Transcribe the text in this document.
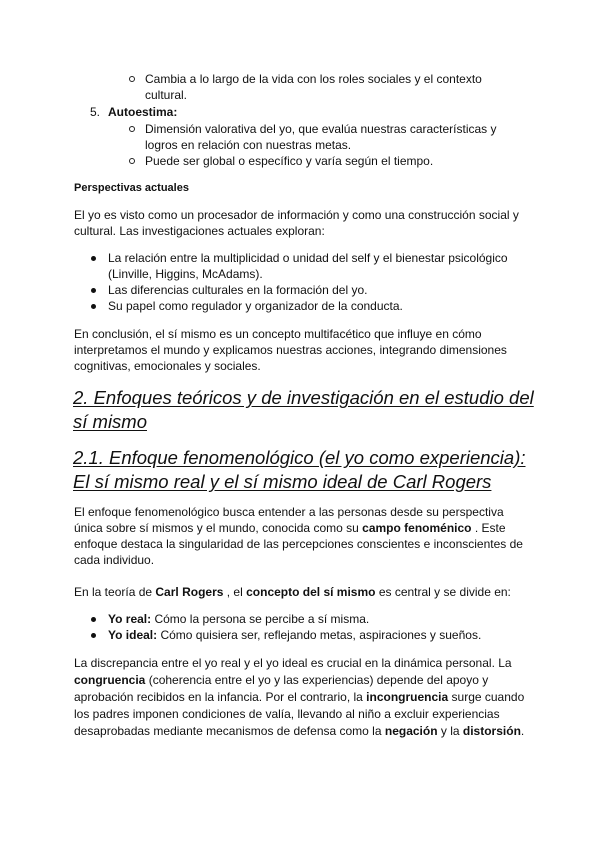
Cambia a lo largo de la vida con los roles sociales y el contexto
cultural.
5. Autoestima:
Dimensión valorativa del yo, que evalúa nuestras características y
logros en relación con nuestras metas.
Puede ser global o específico y varía según el tiempo.
Perspectivas actuales
El yo es visto como un procesador de información y como una construcción social y
cultural. Las investigaciones actuales exploran:
La relación entre la multiplicidad o unidad del self y el bienestar psicológico
(Linville, Higgins, McAdams).
Las diferencias culturales en la formación del yo.
Su papel como regulador y organizador de la conducta.
En conclusión, el sí mismo es un concepto multifacético que influye en cómo
interpretamos el mundo y explicamos nuestras acciones, integrando dimensiones
cognitivas, emocionales y sociales.
2. Enfoques teóricos y de investigación en el estudio del
sí mismo
2.1. Enfoque fenomenológico (el yo como experiencia):
El sí mismo real y el sí mismo ideal de Carl Rogers
El enfoque fenomenológico busca entender a las personas desde su perspectiva
única sobre sí mismos y el mundo, conocida como su campo fenoménico . Este
enfoque destaca la singularidad de las percepciones conscientes e inconscientes de
cada individuo.
En la teoría de Carl Rogers , el concepto del sí mismo es central y se divide en:
Yo real: Cómo la persona se percibe a sí misma.
Yo ideal: Cómo quisiera ser, reflejando metas, aspiraciones y sueños.
La discrepancia entre el yo real y el yo ideal es crucial en la dinámica personal. La
congruencia (coherencia entre el yo y las experiencias) depende del apoyo y
aprobación recibidos en la infancia. Por el contrario, la incongruencia surge cuando
los padres imponen condiciones de valía, llevando al niño a excluir experiencias
desaprobadas mediante mecanismos de defensa como la negación y la distorsión.
